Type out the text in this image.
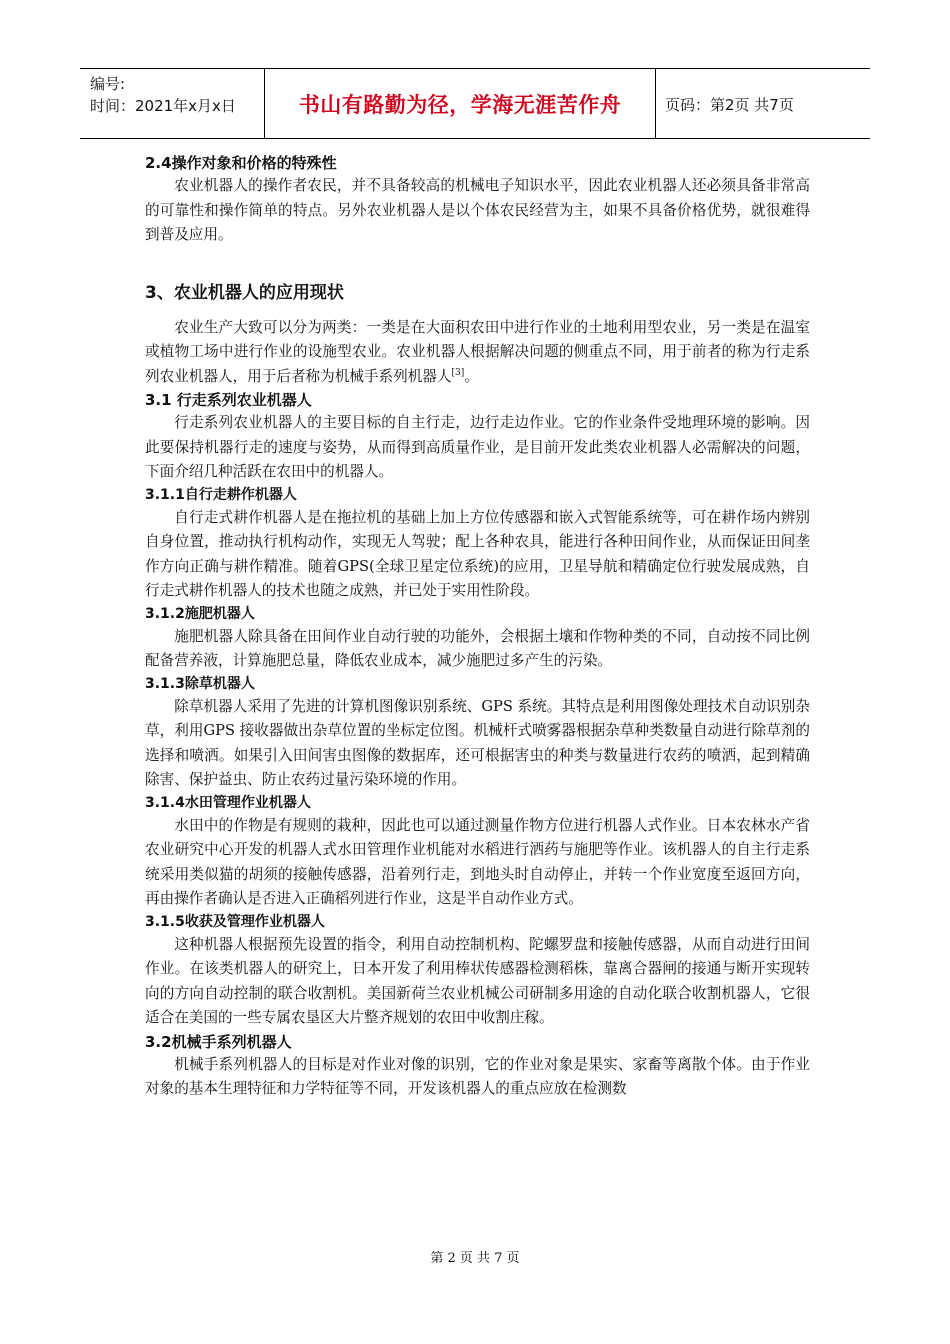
编号:
时间：2021年x月x日	书山有路勤为径，学海无涯苦作舟	页码：第2页 共7页
2.4操作对象和价格的特殊性

农业机器人的操作者农民，并不具备较高的机械电子知识水平，因此农业机器人还必须具备非常高的可靠性和操作简单的特点。另外农业机器人是以个体农民经营为主，如果不具备价格优势，就很难得到普及应用。

3、农业机器人的应用现状

农业生产大致可以分为两类：一类是在大面积农田中进行作业的土地利用型农业，另一类是在温室或植物工场中进行作业的设施型农业。农业机器人根据解决问题的侧重点不同，用于前者的称为行走系列农业机器人，用于后者称为机械手系列机器人[3]。

3.1 行走系列农业机器人

行走系列农业机器人的主要目标的自主行走，边行走边作业。它的作业条件受地理环境的影响。因此要保持机器行走的速度与姿势，从而得到高质量作业，是目前开发此类农业机器人必需解决的问题，下面介绍几种活跃在农田中的机器人。

3.1.1自行走耕作机器人

自行走式耕作机器人是在拖拉机的基础上加上方位传感器和嵌入式智能系统等，可在耕作场内辨别自身位置，推动执行机构动作，实现无人驾驶；配上各种农具，能进行各种田间作业，从而保证田间垄作方向正确与耕作精准。随着GPS(全球卫星定位系统)的应用，卫星导航和精确定位行驶发展成熟，自行走式耕作机器人的技术也随之成熟，并已处于实用性阶段。

3.1.2施肥机器人

施肥机器人除具备在田间作业自动行驶的功能外，会根据土壤和作物种类的不同，自动按不同比例配备营养液，计算施肥总量，降低农业成本，减少施肥过多产生的污染。

3.1.3除草机器人

除草机器人采用了先进的计算机图像识别系统、GPS 系统。其特点是利用图像处理技术自动识别杂草，利用GPS 接收器做出杂草位置的坐标定位图。机械杆式喷雾器根据杂草种类数量自动进行除草剂的选择和喷洒。如果引入田间害虫图像的数据库，还可根据害虫的种类与数量进行农药的喷洒，起到精确除害、保护益虫、防止农药过量污染环境的作用。

3.1.4水田管理作业机器人

水田中的作物是有规则的栽种，因此也可以通过测量作物方位进行机器人式作业。日本农林水产省农业研究中心开发的机器人式水田管理作业机能对水稻进行洒药与施肥等作业。该机器人的自主行走系统采用类似猫的胡须的接触传感器，沿着列行走，到地头时自动停止，并转一个作业宽度至返回方向，再由操作者确认是否进入正确稻列进行作业，这是半自动作业方式。

3.1.5收获及管理作业机器人

这种机器人根据预先设置的指令，利用自动控制机构、陀螺罗盘和接触传感器，从而自动进行田间作业。在该类机器人的研究上，日本开发了利用棒状传感器检测稻株，靠离合器闸的接通与断开实现转向的方向自动控制的联合收割机。美国新荷兰农业机械公司研制多用途的自动化联合收割机器人，它很适合在美国的一些专属农垦区大片整齐规划的农田中收割庄稼。

3.2机械手系列机器人

机械手系列机器人的目标是对作业对像的识别，它的作业对象是果实、家畜等离散个体。由于作业对象的基本生理特征和力学特征等不同，开发该机器人的重点应放在检测数

第 2 页 共 7 页
